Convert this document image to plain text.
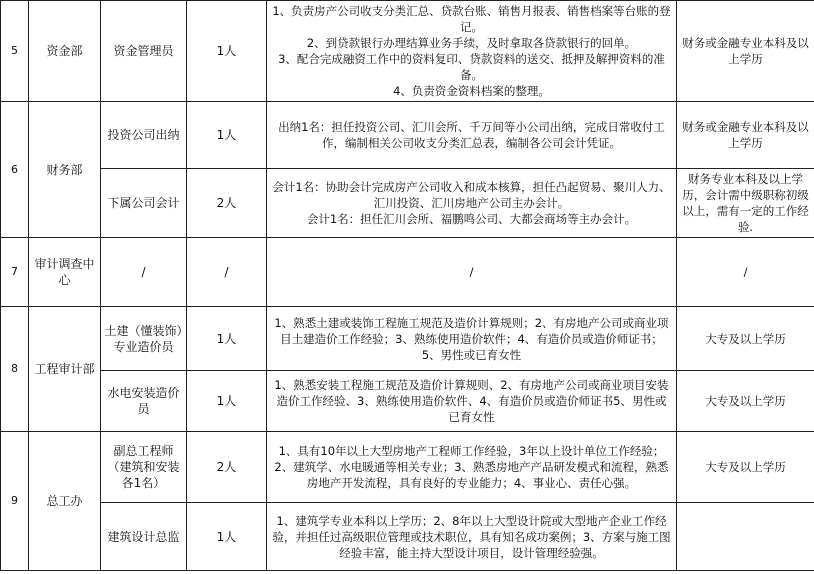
5	资金部	资金管理员	1人	1、负责房产公司收支分类汇总、贷款台账、销售月报表、销售档案等台账的登记。
2、到贷款银行办理结算业务手续，及时拿取各贷款银行的回单。
3、配合完成融资工作中的资料复印、贷款资料的送交、抵押及解押资料的准备。
4、负责资金资料档案的整理。	财务或金融专业本科及以上学历
6	财务部	投资公司出纳	1人	出纳1名：担任投资公司、汇川会所、千万间等小公司出纳，完成日常收付工作，编制相关公司收支分类汇总表，编制各公司会计凭证。	财务或金融专业本科及以上学历
		下属公司会计	2人	会计1名：协助会计完成房产公司收入和成本核算，担任凸起贸易、聚川人力、汇川投资、汇川房地产公司主办会计。
会计1名：担任汇川会所、福鹏鸣公司、大都会商场等主办会计。	财务专业本科及以上学历，会计需中级职称初级以上，需有一定的工作经验.
7	审计调查中心	/	/	/	/
8	工程审计部	土建（懂装饰）专业造价员	1人	1、熟悉土建或装饰工程施工规范及造价计算规则；2、有房地产公司或商业项目土建造价工作经验；3、熟练使用造价软件；4、有造价员或造价师证书；5、男性或已育女性	大专及以上学历
		水电安装造价员	1人	1、熟悉安装工程施工规范及造价计算规则、2、有房地产公司或商业项目安装造价工作经验、3、熟练使用造价软件、4、有造价员或造价师证书5、男性或已育女性	大专及以上学历
9	总工办	副总工程师（建筑和安装各1名）	2人	1、具有10年以上大型房地产工程师工作经验，3年以上设计单位工作经验；2、建筑学、水电暖通等相关专业；3、熟悉房地产产品研发模式和流程，熟悉房地产开发流程，具有良好的专业能力；4、事业心、责任心强。	大专及以上学历
		建筑设计总监	1人	1、建筑学专业本科以上学历；2、8年以上大型设计院或大型地产企业工作经验，并担任过高级职位管理或技术职位，具有知名成功案例；3、方案与施工图经验丰富，能主持大型设计项目，设计管理经验强。	
